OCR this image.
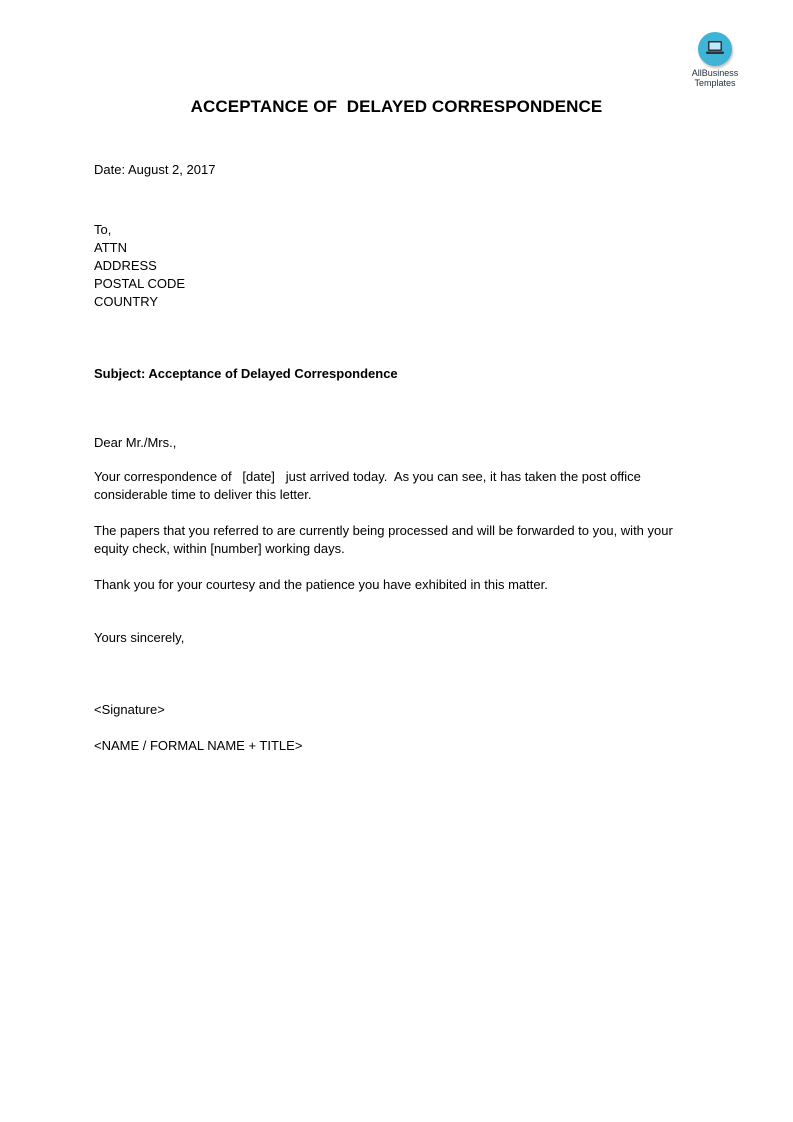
AllBusiness
Templates
ACCEPTANCE OF  DELAYED CORRESPONDENCE
Date: August 2, 2017
To,
ATTN
ADDRESS
POSTAL CODE
COUNTRY
Subject: Acceptance of Delayed Correspondence
Dear Mr./Mrs.,
Your correspondence of   [date]   just arrived today.  As you can see, it has taken the post office
considerable time to deliver this letter.
The papers that you referred to are currently being processed and will be forwarded to you, with your
equity check, within [number] working days.
Thank you for your courtesy and the patience you have exhibited in this matter.
Yours sincerely,
<Signature>
<NAME / FORMAL NAME + TITLE>
